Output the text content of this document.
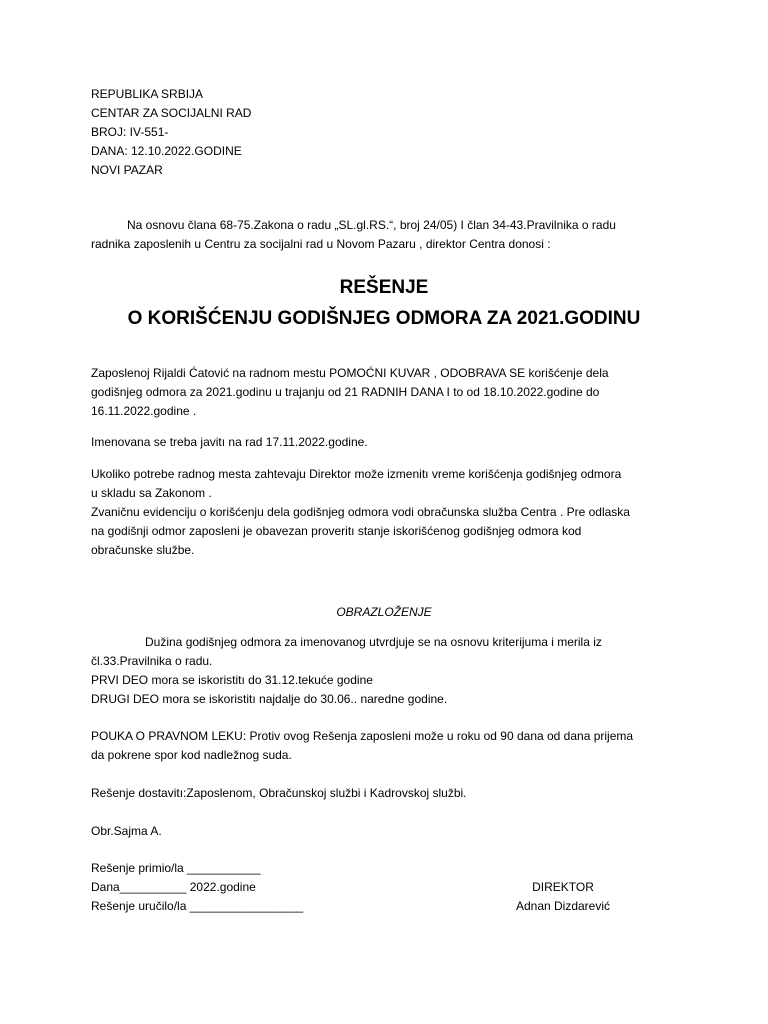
REPUBLIKA SRBIJA
CENTAR ZA SOCIJALNI RAD
BROJ: IV-551-
DANA: 12.10.2022.GODINE
NOVI PAZAR
Na osnovu člana 68-75.Zakona o radu „SL.gl.RS.“, broj 24/05) I član 34-43.Pravilnika o radu
radnika zaposlenih u Centru za socijalni rad u Novom Pazaru , direktor Centra donosi :
REŠENJE
O KORIŠĆENJU GODIŠNJEG ODMORA ZA 2021.GODINU
Zaposlenoj Rijaldi Ćatović na radnom mestu POMOĆNI KUVAR , ODOBRAVA SE korišćenje dela
godišnjeg odmora za 2021.godinu u trajanju od 21 RADNIH DANA I to od 18.10.2022.godine do
16.11.2022.godine .
Imenovana se treba javitı na rad 17.11.2022.godine.
Ukoliko potrebe radnog mesta zahtevaju Direktor može izmenitı vreme korišćenja godišnjeg odmora
u skladu sa Zakonom .
Zvaničnu evidenciju o korišćenju dela godišnjeg odmora vodi obračunska služba Centra . Pre odlaska
na godišnji odmor zaposleni je obavezan proveritı stanje iskorišćenog godišnjeg odmora kod
obračunske službe.
OBRAZLOŽENJE
Dužina godišnjeg odmora za imenovanog utvrdjuje se na osnovu kriterijuma i merila iz
čl.33.Pravilnika o radu.
PRVI DEO mora se iskoristitı do 31.12.tekuće godine
DRUGI DEO mora se iskoristitı najdalje do 30.06.. naredne godine.
POUKA O PRAVNOM LEKU: Protiv ovog Rešenja zaposleni može u roku od 90 dana od dana prijema
da pokrene spor kod nadležnog suda.
Rešenje dostavitı:Zaposlenom, Obračunskoj službi i Kadrovskoj službi.
Obr.Sajma A.
Rešenje primio/la ___________
Dana__________ 2022.godine
Rešenje uručilo/la _________________
DIREKTOR
Adnan Dizdarević
